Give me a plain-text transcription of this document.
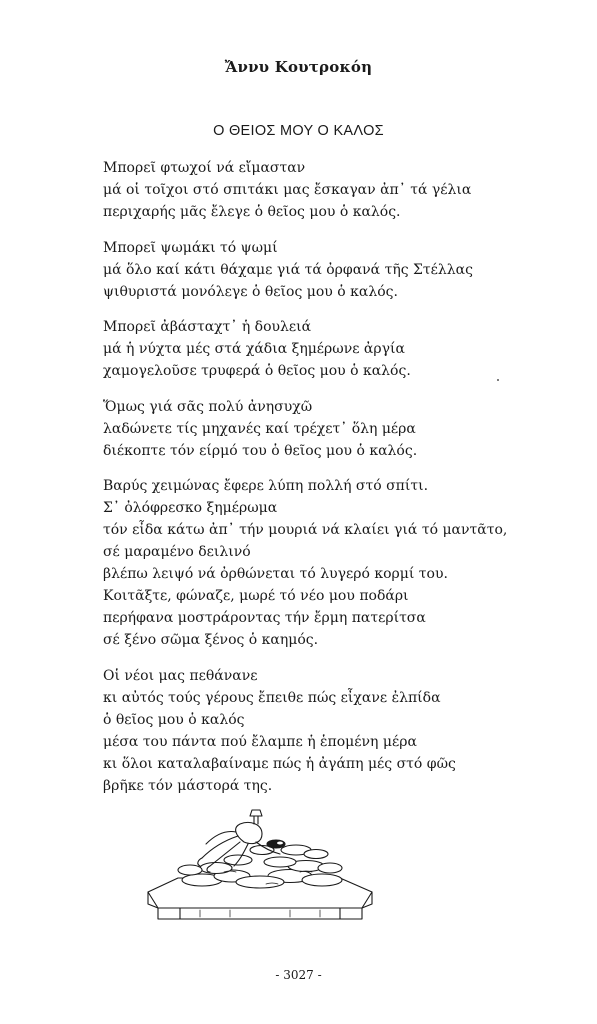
Ἄννυ Κουτροκόη
Ο ΘΕΙΟΣ ΜΟΥ Ο ΚΑΛΟΣ
Μπορεῖ φτωχοί νά εἴμασταν
μά οἱ τοῖχοι στό σπιτάκι μας ἔσκαγαν ἀπ᾽ τά γέλια
περιχαρής μᾶς ἔλεγε ὁ θεῖος μου ὁ καλός.
Μπορεῖ ψωμάκι τό ψωμί
μά ὅλο καί κάτι θάχαμε γιά τά ὀρφανά τῆς Στέλλας
ψιθυριστά μονόλεγε ὁ θεῖος μου ὁ καλός.
Μπορεῖ ἀβάσταχτ᾽ ἡ δουλειά
μά ἡ νύχτα μές στά χάδια ξημέρωνε ἀργία
χαμογελοῦσε τρυφερά ὁ θεῖος μου ὁ καλός.
Ὅμως γιά σᾶς πολύ ἀνησυχῶ
λαδώνετε τίς μηχανές καί τρέχετ᾽ ὅλη μέρα
διέκοπτε τόν είρμό του ὁ θεῖος μου ὁ καλός.
Βαρύς χειμώνας ἔφερε λύπη πολλή στό σπίτι.
Σ᾽ ὀλόφρεσκο ξημέρωμα
τόν εἶδα κάτω ἀπ᾽ τήν μουριά νά κλαίει γιά τό μαντᾶτο,
σέ μαραμένο δειλινό
βλέπω λειψό νά ὀρθώνεται τό λυγερό κορμί του.
Κοιτᾶξτε, φώναζε, μωρέ τό νέο μου ποδάρι
περήφανα μοστράροντας τήν ἔρμη πατερίτσα
σέ ξένο σῶμα ξένος ὁ καημός.
Οἱ νέοι μας πεθάνανε
κι αὐτός τούς γέρους ἔπειθε πώς εἶχανε ἐλπίδα
ὁ θεῖος μου ὁ καλός
μέσα του πάντα πού ἔλαμπε ἡ ἑπομένη μέρα
κι ὅλοι καταλαβαίναμε πώς ἡ ἀγάπη μές στό φῶς
βρῆκε τόν μάστορά της.
- 3027 -
